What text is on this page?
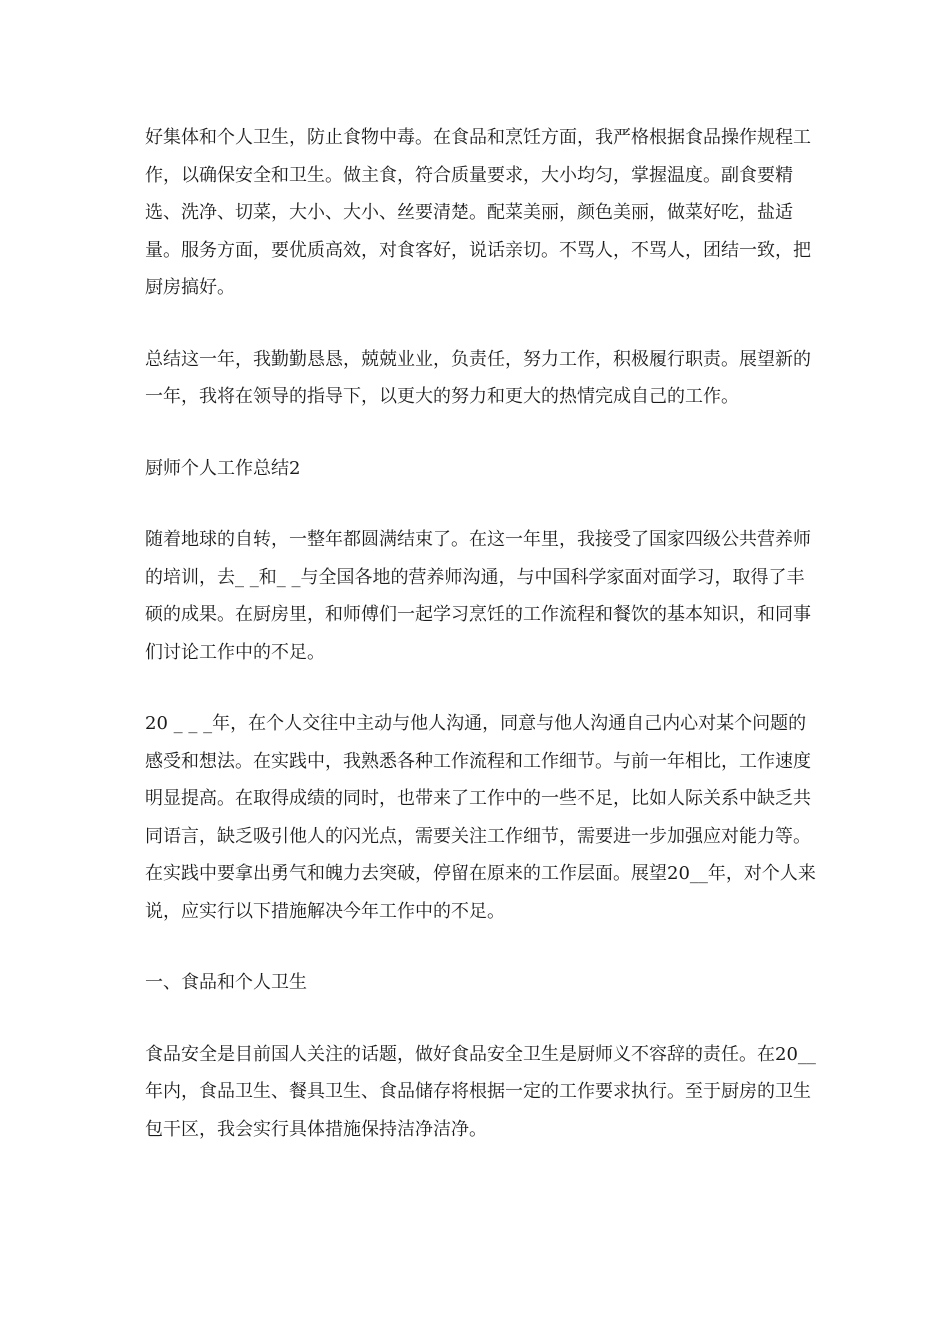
好集体和个人卫生，防止食物中毒。在食品和烹饪方面，我严格根据食品操作规程工作，以确保安全和卫生。做主食，符合质量要求，大小均匀，掌握温度。副食要精选、洗净、切菜，大小、大小、丝要清楚。配菜美丽，颜色美丽，做菜好吃，盐适量。服务方面，要优质高效，对食客好，说话亲切。不骂人，不骂人，团结一致，把厨房搞好。

总结这一年，我勤勤恳恳，兢兢业业，负责任，努力工作，积极履行职责。展望新的一年，我将在领导的指导下，以更大的努力和更大的热情完成自己的工作。

厨师个人工作总结2

随着地球的自转，一整年都圆满结束了。在这一年里，我接受了国家四级公共营养师的培训，去_ _和_ _与全国各地的营养师沟通，与中国科学家面对面学习，取得了丰硕的成果。在厨房里，和师傅们一起学习烹饪的工作流程和餐饮的基本知识，和同事们讨论工作中的不足。

20 _ _ _年，在个人交往中主动与他人沟通，同意与他人沟通自己内心对某个问题的感受和想法。在实践中，我熟悉各种工作流程和工作细节。与前一年相比，工作速度明显提高。在取得成绩的同时，也带来了工作中的一些不足，比如人际关系中缺乏共同语言，缺乏吸引他人的闪光点，需要关注工作细节，需要进一步加强应对能力等。在实践中要拿出勇气和魄力去突破，停留在原来的工作层面。展望20__年，对个人来说，应实行以下措施解决今年工作中的不足。

一、食品和个人卫生

食品安全是目前国人关注的话题，做好食品安全卫生是厨师义不容辞的责任。在20__年内，食品卫生、餐具卫生、食品储存将根据一定的工作要求执行。至于厨房的卫生包干区，我会实行具体措施保持洁净洁净。
